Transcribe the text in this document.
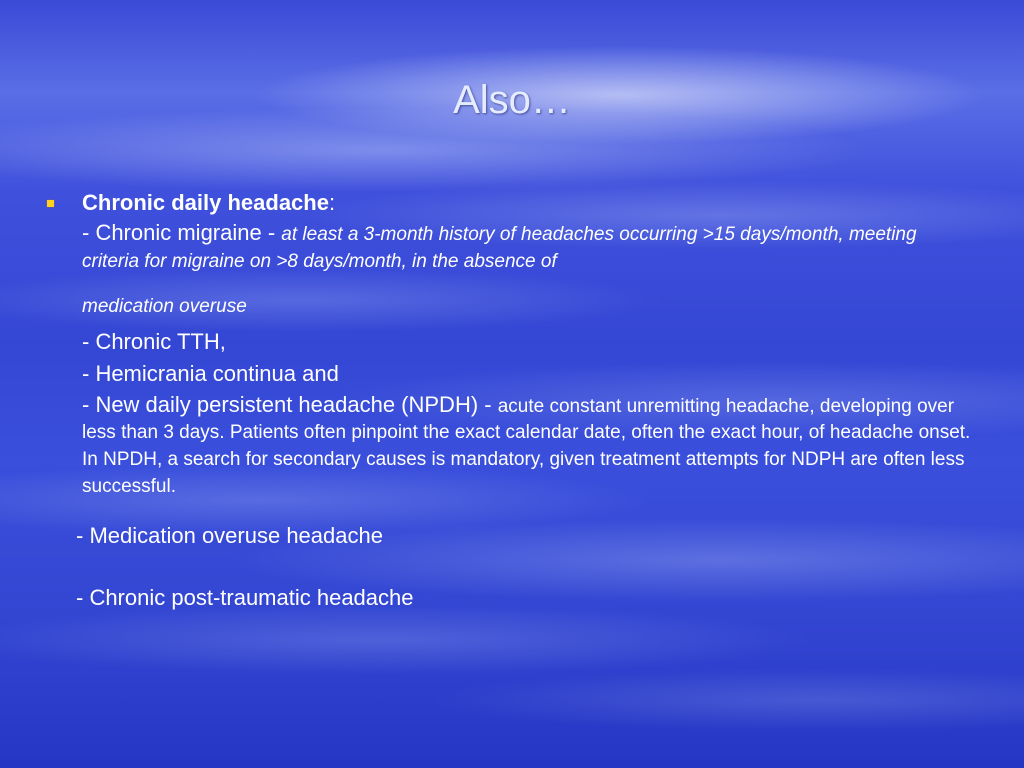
Also…
Chronic daily headache:
- Chronic migraine - at least a 3-month history of headaches occurring >15 days/month, meeting criteria for migraine on >8 days/month, in the absence of
medication overuse
- Chronic TTH,
- Hemicrania continua and
- New daily persistent headache (NPDH) - acute constant unremitting headache, developing over less than 3 days. Patients often pinpoint the exact calendar date, often the exact hour, of headache onset. In NPDH, a search for secondary causes is mandatory, given treatment attempts for NDPH are often less successful.
- Medication overuse headache
- Chronic post-traumatic headache
